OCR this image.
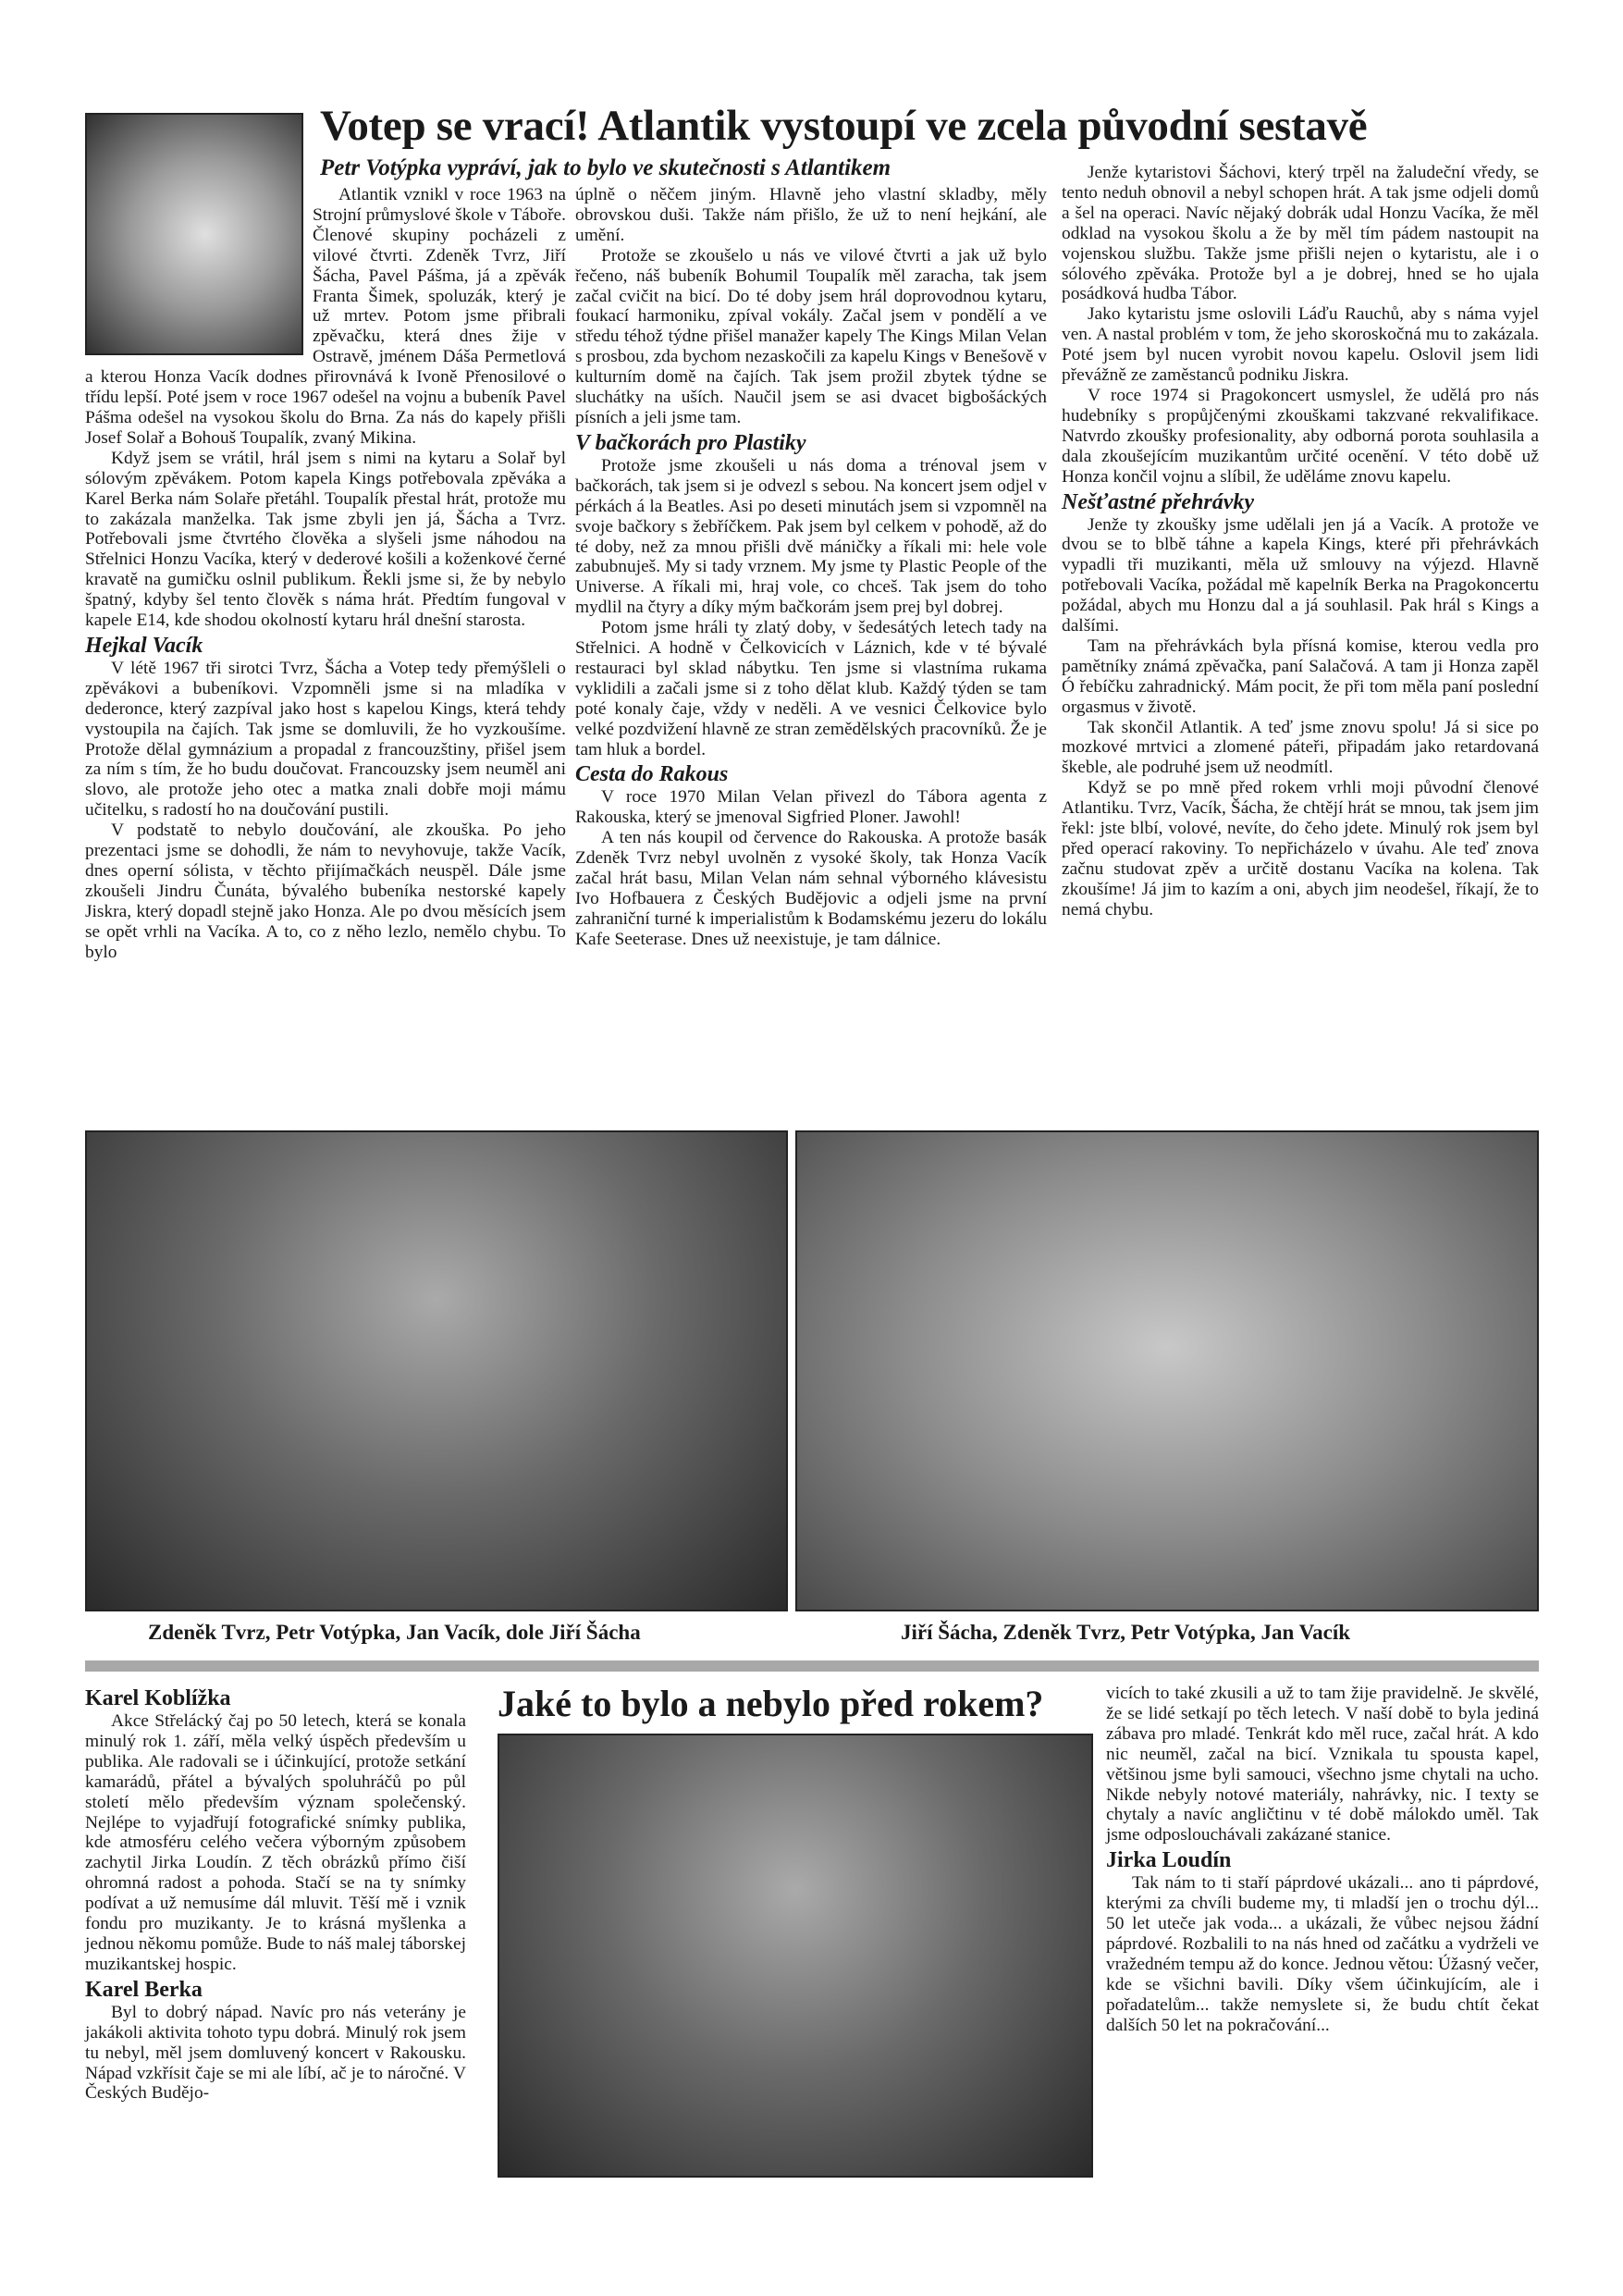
Votep se vrací! Atlantik vystoupí ve zcela původní sestavě
Petr Votýpka vypráví, jak to bylo ve skutečnosti s Atlantikem

Atlantik vznikl v roce 1963 na Strojní průmyslové škole v Táboře. Členové skupiny pocházeli z vilové čtvrti. Zdeněk Tvrz, Jiří Šácha, Pavel Pášma, já a zpěvák Franta Šimek, spoluzák, který je už mrtev. Potom jsme přibrali zpěvačku, která dnes žije v Ostravě, jménem Dáša Permetlová a kterou Honza Vacík dodnes přirovnává k Ivoně Přenosilové o třídu lepší. Poté jsem v roce 1967 odešel na vojnu a bubeník Pavel Pášma odešel na vysokou školu do Brna. Za nás do kapely přišli Josef Solař a Bohouš Toupalík, zvaný Mikina.

Když jsem se vrátil, hrál jsem s nimi na kytaru a Solař byl sólovým zpěvákem. Potom kapela Kings potřebovala zpěváka a Karel Berka nám Solaře přetáhl. Toupalík přestal hrát, protože mu to zakázala manželka. Tak jsme zbyli jen já, Šácha a Tvrz. Potřebovali jsme čtvrtého člověka a slyšeli jsme náhodou na Střelnici Honzu Vacíka, který v dederové košili a koženkové černé kravatě na gumičku oslnil publikum. Řekli jsme si, že by nebylo špatný, kdyby šel tento člověk s náma hrát. Předtím fungoval v kapele E14, kde shodou okolností kytaru hrál dnešní starosta.

Hejkal Vacík

V létě 1967 tři sirotci Tvrz, Šácha a Votep tedy přemýšleli o zpěvákovi a bubeníkovi. Vzpomněli jsme si na mladíka v dederonce, který zazpíval jako host s kapelou Kings, která tehdy vystoupila na čajích. Tak jsme se domluvili, že ho vyzkoušíme. Protože dělal gymnázium a propadal z francouzštiny, přišel jsem za ním s tím, že ho budu doučovat. Francouzsky jsem neuměl ani slovo, ale protože jeho otec a matka znali dobře moji mámu učitelku, s radostí ho na doučování pustili.

V podstatě to nebylo doučování, ale zkouška. Po jeho prezentaci jsme se dohodli, že nám to nevyhovuje, takže Vacík, dnes operní sólista, v těchto přijímačkách neuspěl. Dále jsme zkoušeli Jindru Čunáta, bývalého bubeníka nestorské kapely Jiskra, který dopadl stejně jako Honza. Ale po dvou měsících jsem se opět vrhli na Vacíka. A to, co z něho lezlo, nemělo chybu. To bylo

úplně o něčem jiným. Hlavně jeho vlastní skladby, měly obrovskou duši. Takže nám přišlo, že už to není hejkání, ale umění.

Protože se zkoušelo u nás ve vilové čtvrti a jak už bylo řečeno, náš bubeník Bohumil Toupalík měl zaracha, tak jsem začal cvičit na bicí. Do té doby jsem hrál doprovodnou kytaru, foukací harmoniku, zpíval vokály. Začal jsem v pondělí a ve středu téhož týdne přišel manažer kapely The Kings Milan Velan s prosbou, zda bychom nezaskočili za kapelu Kings v Benešově v kulturním domě na čajích. Tak jsem prožil zbytek týdne se sluchátky na uších. Naučil jsem se asi dvacet bigbošáckých písních a jeli jsme tam.

V bačkorách pro Plastiky

Protože jsme zkoušeli u nás doma a trénoval jsem v bačkorách, tak jsem si je odvezl s sebou. Na koncert jsem odjel v pérkách á la Beatles. Asi po deseti minutách jsem si vzpomněl na svoje bačkory s žebříčkem. Pak jsem byl celkem v pohodě, až do té doby, než za mnou přišli dvě máničky a říkali mi: hele vole zabubnuješ. My si tady vrznem. My jsme ty Plastic People of the Universe. A říkali mi, hraj vole, co chceš. Tak jsem do toho mydlil na čtyry a díky mým bačkorám jsem prej byl dobrej.

Potom jsme hráli ty zlatý doby, v šedesátých letech tady na Střelnici. A hodně v Čelkovicích v Láznich, kde v té bývalé restauraci byl sklad nábytku. Ten jsme si vlastníma rukama vyklidili a začali jsme si z toho dělat klub. Každý týden se tam poté konaly čaje, vždy v neděli. A ve vesnici Čelkovice bylo velké pozdvižení hlavně ze stran zemědělských pracovníků. Že je tam hluk a bordel.

Cesta do Rakous

V roce 1970 Milan Velan přivezl do Tábora agenta z Rakouska, který se jmenoval Sigfried Ploner. Jawohl!

A ten nás koupil od července do Rakouska. A protože basák Zdeněk Tvrz nebyl uvolněn z vysoké školy, tak Honza Vacík začal hrát basu, Milan Velan nám sehnal výborného klávesistu Ivo Hofbauera z Českých Budějovic a odjeli jsme na první zahraniční turné k imperialistům k Bodamskému jezeru do lokálu Kafe Seeterase. Dnes už neexistuje, je tam dálnice.

Jenže kytaristovi Šáchovi, který trpěl na žaludeční vředy, se tento neduh obnovil a nebyl schopen hrát. A tak jsme odjeli domů a šel na operaci. Navíc nějaký dobrák udal Honzu Vacíka, že měl odklad na vysokou školu a že by měl tím pádem nastoupit na vojenskou službu. Takže jsme přišli nejen o kytaristu, ale i o sólového zpěváka. Protože byl a je dobrej, hned se ho ujala posádková hudba Tábor.

Jako kytaristu jsme oslovili Láďu Rauchů, aby s náma vyjel ven. A nastal problém v tom, že jeho skoroskočná mu to zakázala. Poté jsem byl nucen vyrobit novou kapelu. Oslovil jsem lidi převážně ze zaměstanců podniku Jiskra.

V roce 1974 si Pragokoncert usmyslel, že udělá pro nás hudebníky s propůjčenými zkouškami takzvané rekvalifikace. Natvrdo zkoušky profesionality, aby odborná porota souhlasila a dala zkoušejícím muzikantům určité ocenění. V této době už Honza končil vojnu a slíbil, že uděláme znovu kapelu.

Nešťastné přehrávky

Jenže ty zkoušky jsme udělali jen já a Vacík. A protože ve dvou se to blbě táhne a kapela Kings, které při přehrávkách vypadli tři muzikanti, měla už smlouvy na výjezd. Hlavně potřebovali Vacíka, požádal mě kapelník Berka na Pragokoncertu požádal, abych mu Honzu dal a já souhlasil. Pak hrál s Kings a dalšími.

Tam na přehrávkách byla přísná komise, kterou vedla pro pamětníky známá zpěvačka, paní Salačová. A tam ji Honza zapěl Ó řebíčku zahradnický. Mám pocit, že při tom měla paní poslední orgasmus v životě.

Tak skončil Atlantik. A teď jsme znovu spolu! Já si sice po mozkové mrtvici a zlomené páteři, připadám jako retardovaná škeble, ale podruhé jsem už neodmítl.

Když se po mně před rokem vrhli moji původní členové Atlantiku. Tvrz, Vacík, Šácha, že chtějí hrát se mnou, tak jsem jim řekl: jste blbí, volové, nevíte, do čeho jdete. Minulý rok jsem byl před operací rakoviny. To nepřicházelo v úvahu. Ale teď znova začnu studovat zpěv a určitě dostanu Vacíka na kolena. Tak zkoušíme! Já jim to kazím a oni, abych jim neodešel, říkají, že to nemá chybu.

Zdeněk Tvrz, Petr Votýpka, Jan Vacík, dole Jiří Šácha	Jiří Šácha, Zdeněk Tvrz, Petr Votýpka, Jan Vacík
Karel Koblížka

Akce Střelácký čaj po 50 letech, která se konala minulý rok 1. září, měla velký úspěch především u publika. Ale radovali se i účinkující, protože setkání kamarádů, přátel a bývalých spoluhráčů po půl století mělo především význam společenský. Nejlépe to vyjadřují fotografické snímky publika, kde atmosféru celého večera výborným způsobem zachytil Jirka Loudín. Z těch obrázků přímo čiší ohromná radost a pohoda. Stačí se na ty snímky podívat a už nemusíme dál mluvit. Těší mě i vznik fondu pro muzikanty. Je to krásná myšlenka a jednou někomu pomůže. Bude to náš malej táborskej muzikantskej hospic.

Karel Berka

Byl to dobrý nápad. Navíc pro nás veterány je jakákoli aktivita tohoto typu dobrá. Minulý rok jsem tu nebyl, měl jsem domluvený koncert v Rakousku. Nápad vzkřísit čaje se mi ale líbí, ač je to náročné. V Českých Budějo-

Jaké to bylo a nebylo před rokem?	vicích to také zkusili a už to tam žije pravidelně. Je skvělé, že se lidé setkají po těch letech. V naší době to byla jediná zábava pro mladé. Tenkrát kdo měl ruce, začal hrát. A kdo nic neuměl, začal na bicí. Vznikala tu spousta kapel, většinou jsme byli samouci, všechno jsme chytali na ucho. Nikde nebyly notové materiály, nahrávky, nic. I texty se chytaly a navíc angličtinu v té době málokdo uměl. Tak jsme odposlouchávali zakázané stanice.

Jirka Loudín

Tak nám to ti staří páprdové ukázali... ano ti páprdové, kterými za chvíli budeme my, ti mladší jen o trochu dýl... 50 let uteče jak voda... a ukázali, že vůbec nejsou žádní páprdové. Rozbalili to na nás hned od začátku a vydrželi ve vražedném tempu až do konce. Jednou větou: Úžasný večer, kde se všichni bavili. Díky všem účinkujícím, ale i pořadatelům... takže nemyslete si, že budu chtít čekat dalších 50 let na pokračování...
